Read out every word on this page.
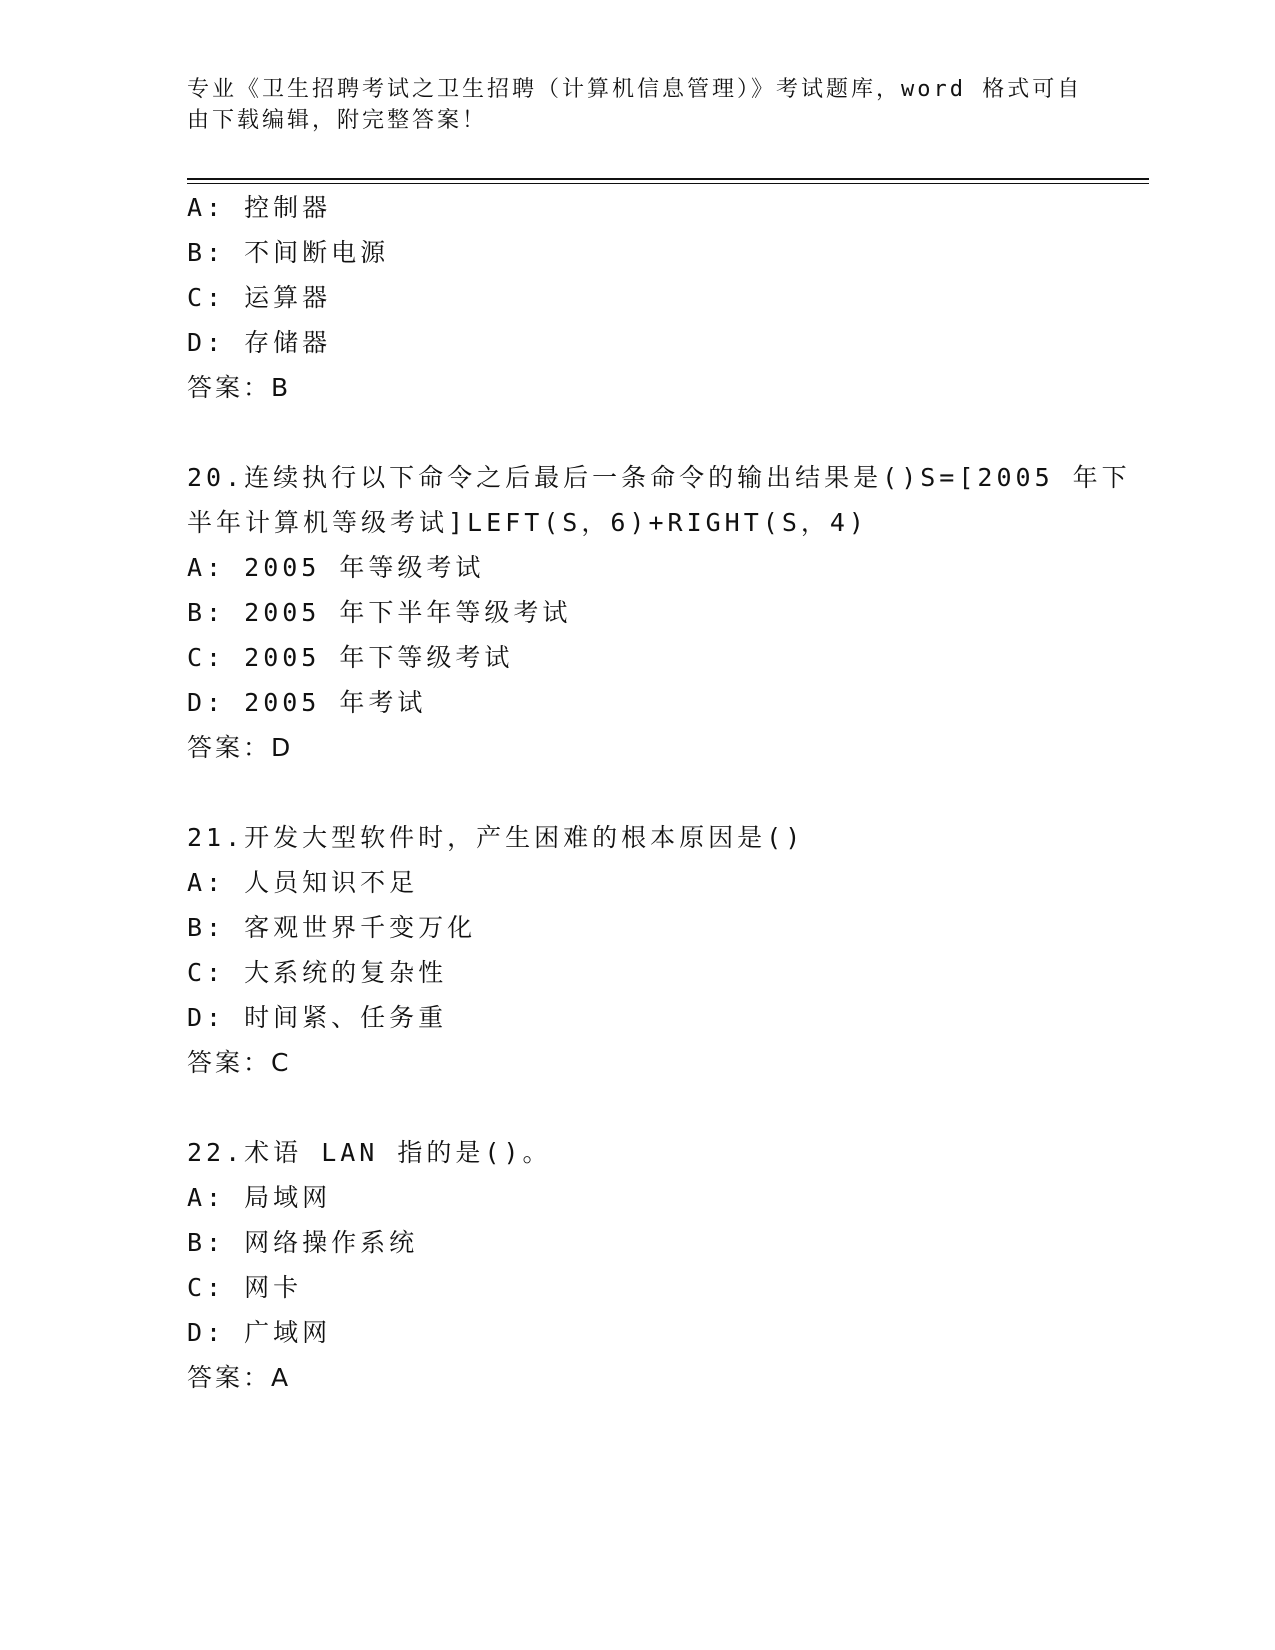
专业《卫生招聘考试之卫生招聘（计算机信息管理）》考试题库，word 格式可自
由下载编辑，附完整答案！
A: 控制器
B: 不间断电源
C: 运算器
D: 存储器
答案：B
20.连续执行以下命令之后最后一条命令的输出结果是()S=[2005 年下
半年计算机等级考试]LEFT(S，6)+RIGHT(S，4)
A: 2005 年等级考试
B: 2005 年下半年等级考试
C: 2005 年下等级考试
D: 2005 年考试
答案：D
21.开发大型软件时，产生困难的根本原因是()
A: 人员知识不足
B: 客观世界千变万化
C: 大系统的复杂性
D: 时间紧、任务重
答案：C
22.术语 LAN 指的是()。
A: 局域网
B: 网络操作系统
C: 网卡
D: 广域网
答案：A
